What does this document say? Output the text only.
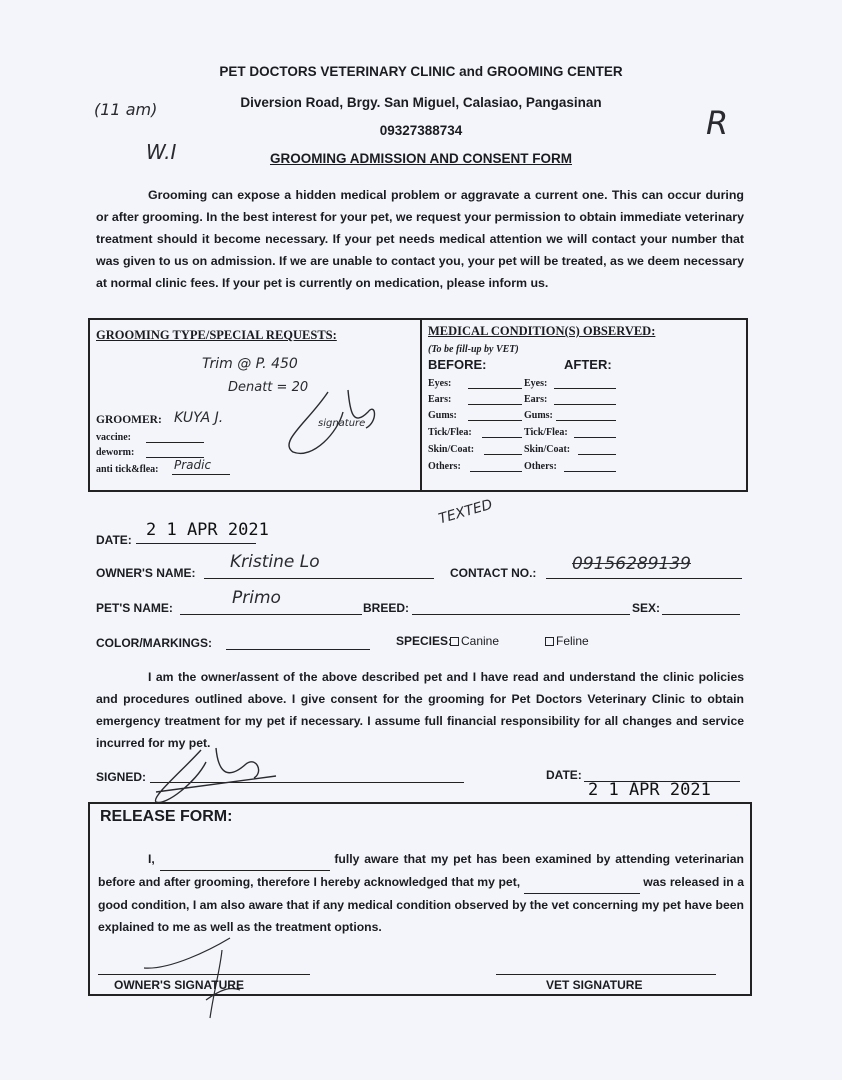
PET DOCTORS VETERINARY CLINIC and GROOMING CENTER
Diversion Road, Brgy. San Miguel, Calasiao, Pangasinan
09327388734
GROOMING ADMISSION AND CONSENT FORM
(11 am)
W.I
R
Grooming can expose a hidden medical problem or aggravate a current one. This can occur during or after grooming. In the best interest for your pet, we request your permission to obtain immediate veterinary treatment should it become necessary. If your pet needs medical attention we will contact your number that was given to us on admission. If we are unable to contact you, your pet will be treated, as we deem necessary at normal clinic fees. If your pet is currently on medication, please inform us.
GROOMING TYPE/SPECIAL REQUESTS:
Trim @ P. 450
Denatt = 20
signature
GROOMER: KUYA J.
vaccine:
deworm:
anti tick&flea: Pradic
MEDICAL CONDITION(S) OBSERVED:
(To be fill-up by VET)
BEFORE:	AFTER:
Eyes:	Eyes:
Ears:	Ears:
Gums:	Gums:
Tick/Flea:	Tick/Flea:
Skin/Coat:	Skin/Coat:
Others:	Others:
TEXTED
DATE: 2 1 APR 2021
OWNER'S NAME:
Kristine Lo
CONTACT NO.: 09156289139
PET'S NAME:	Primo	BREED:	SEX:
COLOR/MARKINGS:	SPECIES: Canine	Feline
I am the owner/assent of the above described pet and I have read and understand the clinic policies and procedures outlined above. I give consent for the grooming for Pet Doctors Veterinary Clinic to obtain emergency treatment for my pet if necessary. I assume full financial responsibility for all changes and service incurred for my pet.
SIGNED:	DATE:
2 1 APR 2021
RELEASE FORM:
I,	fully aware that my pet has been examined by attending veterinarian before and after grooming, therefore I hereby acknowledged that my pet,	was released in a good condition, I am also aware that if any medical condition observed by the vet concerning my pet have been explained to me as well as the treatment options.
OWNER'S SIGNATURE	VET SIGNATURE
